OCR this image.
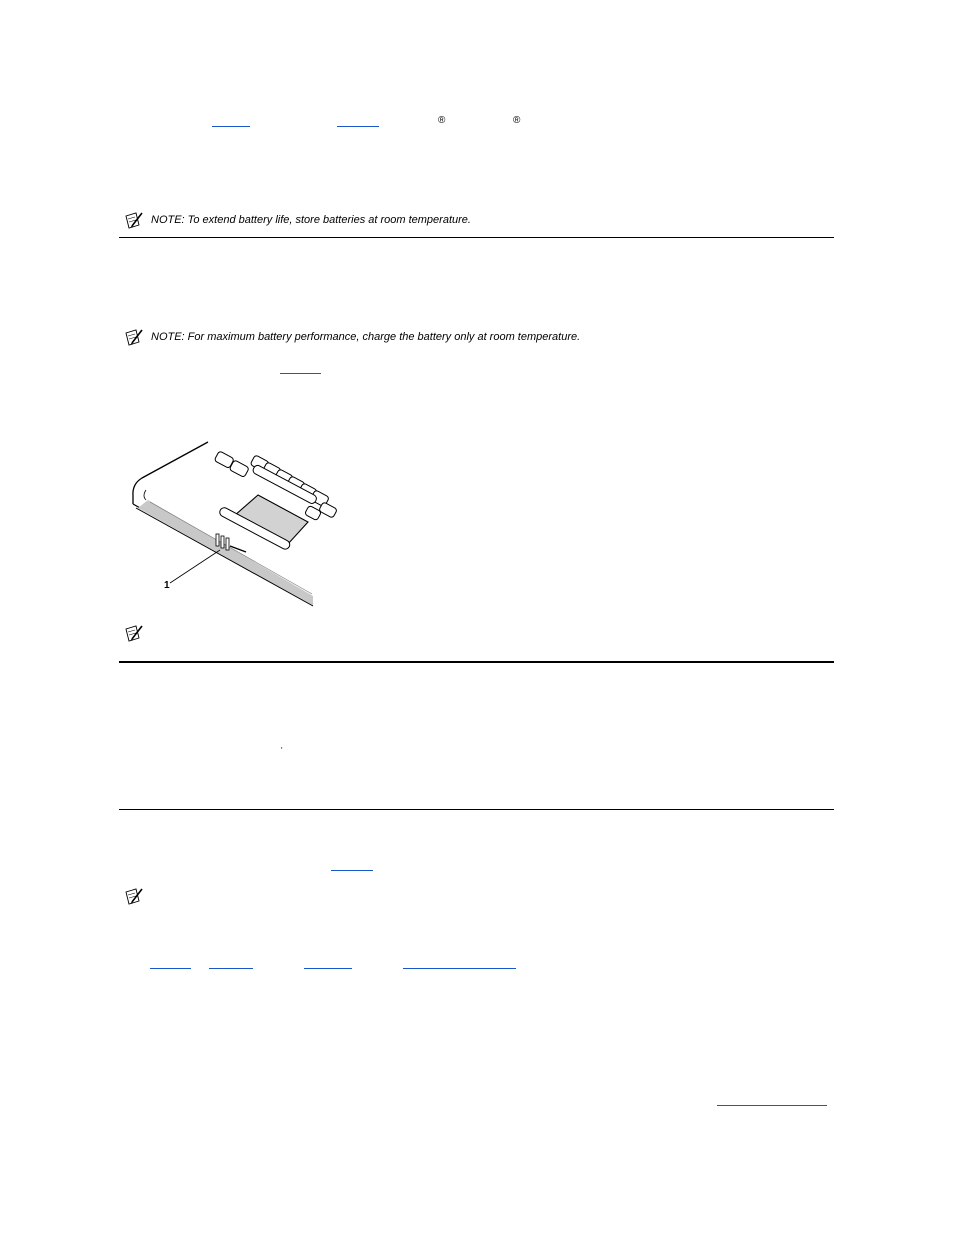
®	®
NOTE: To extend battery life, store batteries at room temperature.
NOTE: For maximum battery performance, charge the battery only at room temperature.
1
'
